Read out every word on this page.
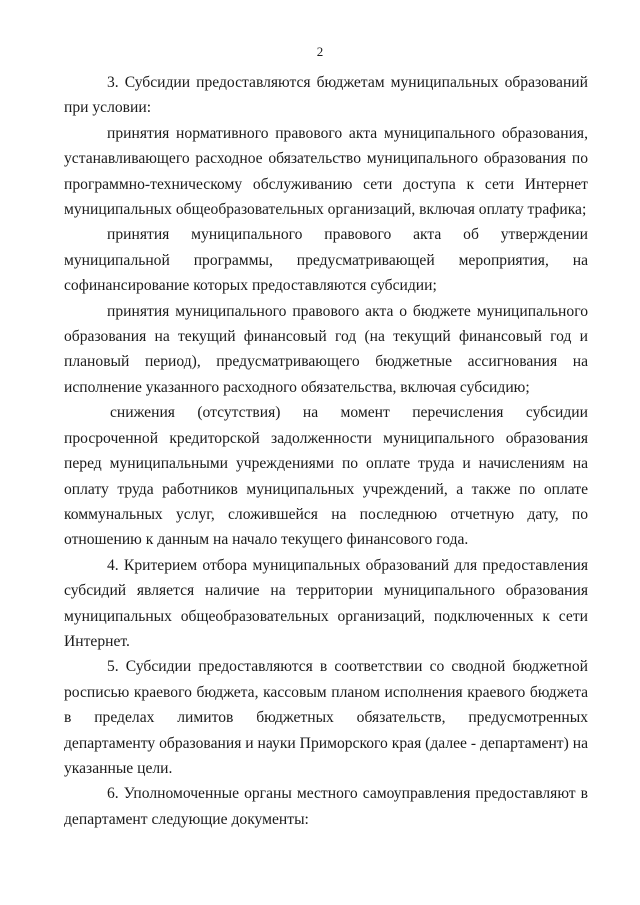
2

3. Субсидии предоставляются бюджетам муниципальных образований при условии:

принятия нормативного правового акта муниципального образования, устанавливающего расходное обязательство муниципального образования по программно-техническому обслуживанию сети доступа к сети Интернет муниципальных общеобразовательных организаций, включая оплату трафика;

принятия муниципального правового акта об утверждении муниципальной программы, предусматривающей мероприятия, на софинансирование которых предоставляются субсидии;

принятия муниципального правового акта о бюджете муниципального образования на текущий финансовый год (на текущий финансовый год и плановый период), предусматривающего бюджетные ассигнования на исполнение указанного расходного обязательства, включая субсидию;

снижения (отсутствия) на момент перечисления субсидии просроченной кредиторской задолженности муниципального образования перед муниципальными учреждениями по оплате труда и начислениям на оплату труда работников муниципальных учреждений, а также по оплате коммунальных услуг, сложившейся на последнюю отчетную дату, по отношению к данным на начало текущего финансового года.

4. Критерием отбора муниципальных образований для предоставления субсидий является наличие на территории муниципального образования муниципальных общеобразовательных организаций, подключенных к сети Интернет.

5. Субсидии предоставляются в соответствии со сводной бюджетной росписью краевого бюджета, кассовым планом исполнения краевого бюджета в пределах лимитов бюджетных обязательств, предусмотренных департаменту образования и науки Приморского края (далее - департамент) на указанные цели.

6. Уполномоченные органы местного самоуправления предоставляют в департамент следующие документы:
